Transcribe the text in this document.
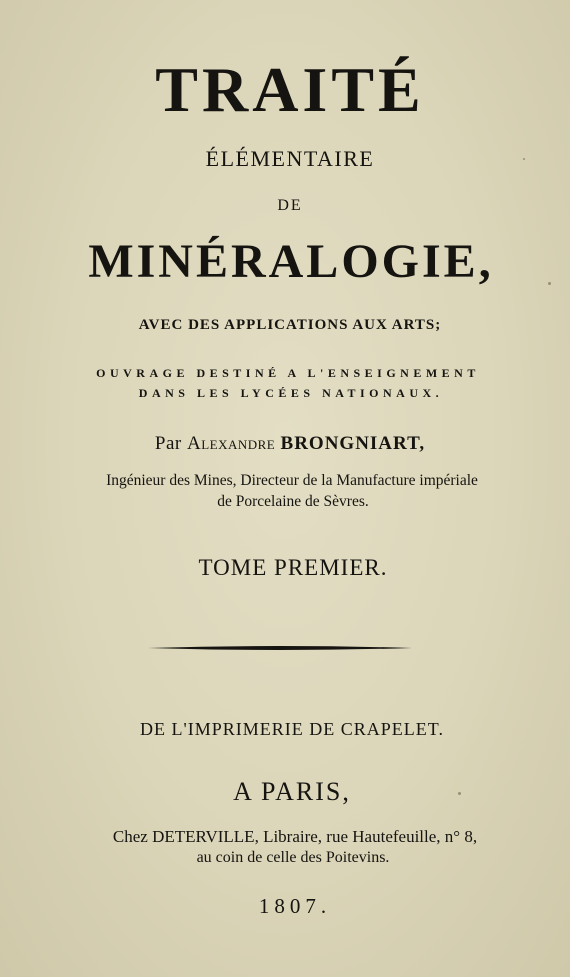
TRAITÉ
ÉLÉMENTAIRE
DE
MINÉRALOGIE,
AVEC DES APPLICATIONS AUX ARTS;
OUVRAGE DESTINÉ A L'ENSEIGNEMENT
DANS LES LYCÉES NATIONAUX.
Par Alexandre BRONGNIART,
Ingénieur des Mines, Directeur de la Manufacture impériale
de Porcelaine de Sèvres.
TOME PREMIER.
DE L'IMPRIMERIE DE CRAPELET.
A PARIS,
Chez DETERVILLE, Libraire, rue Hautefeuille, n° 8,
au coin de celle des Poitevins.
1807.
